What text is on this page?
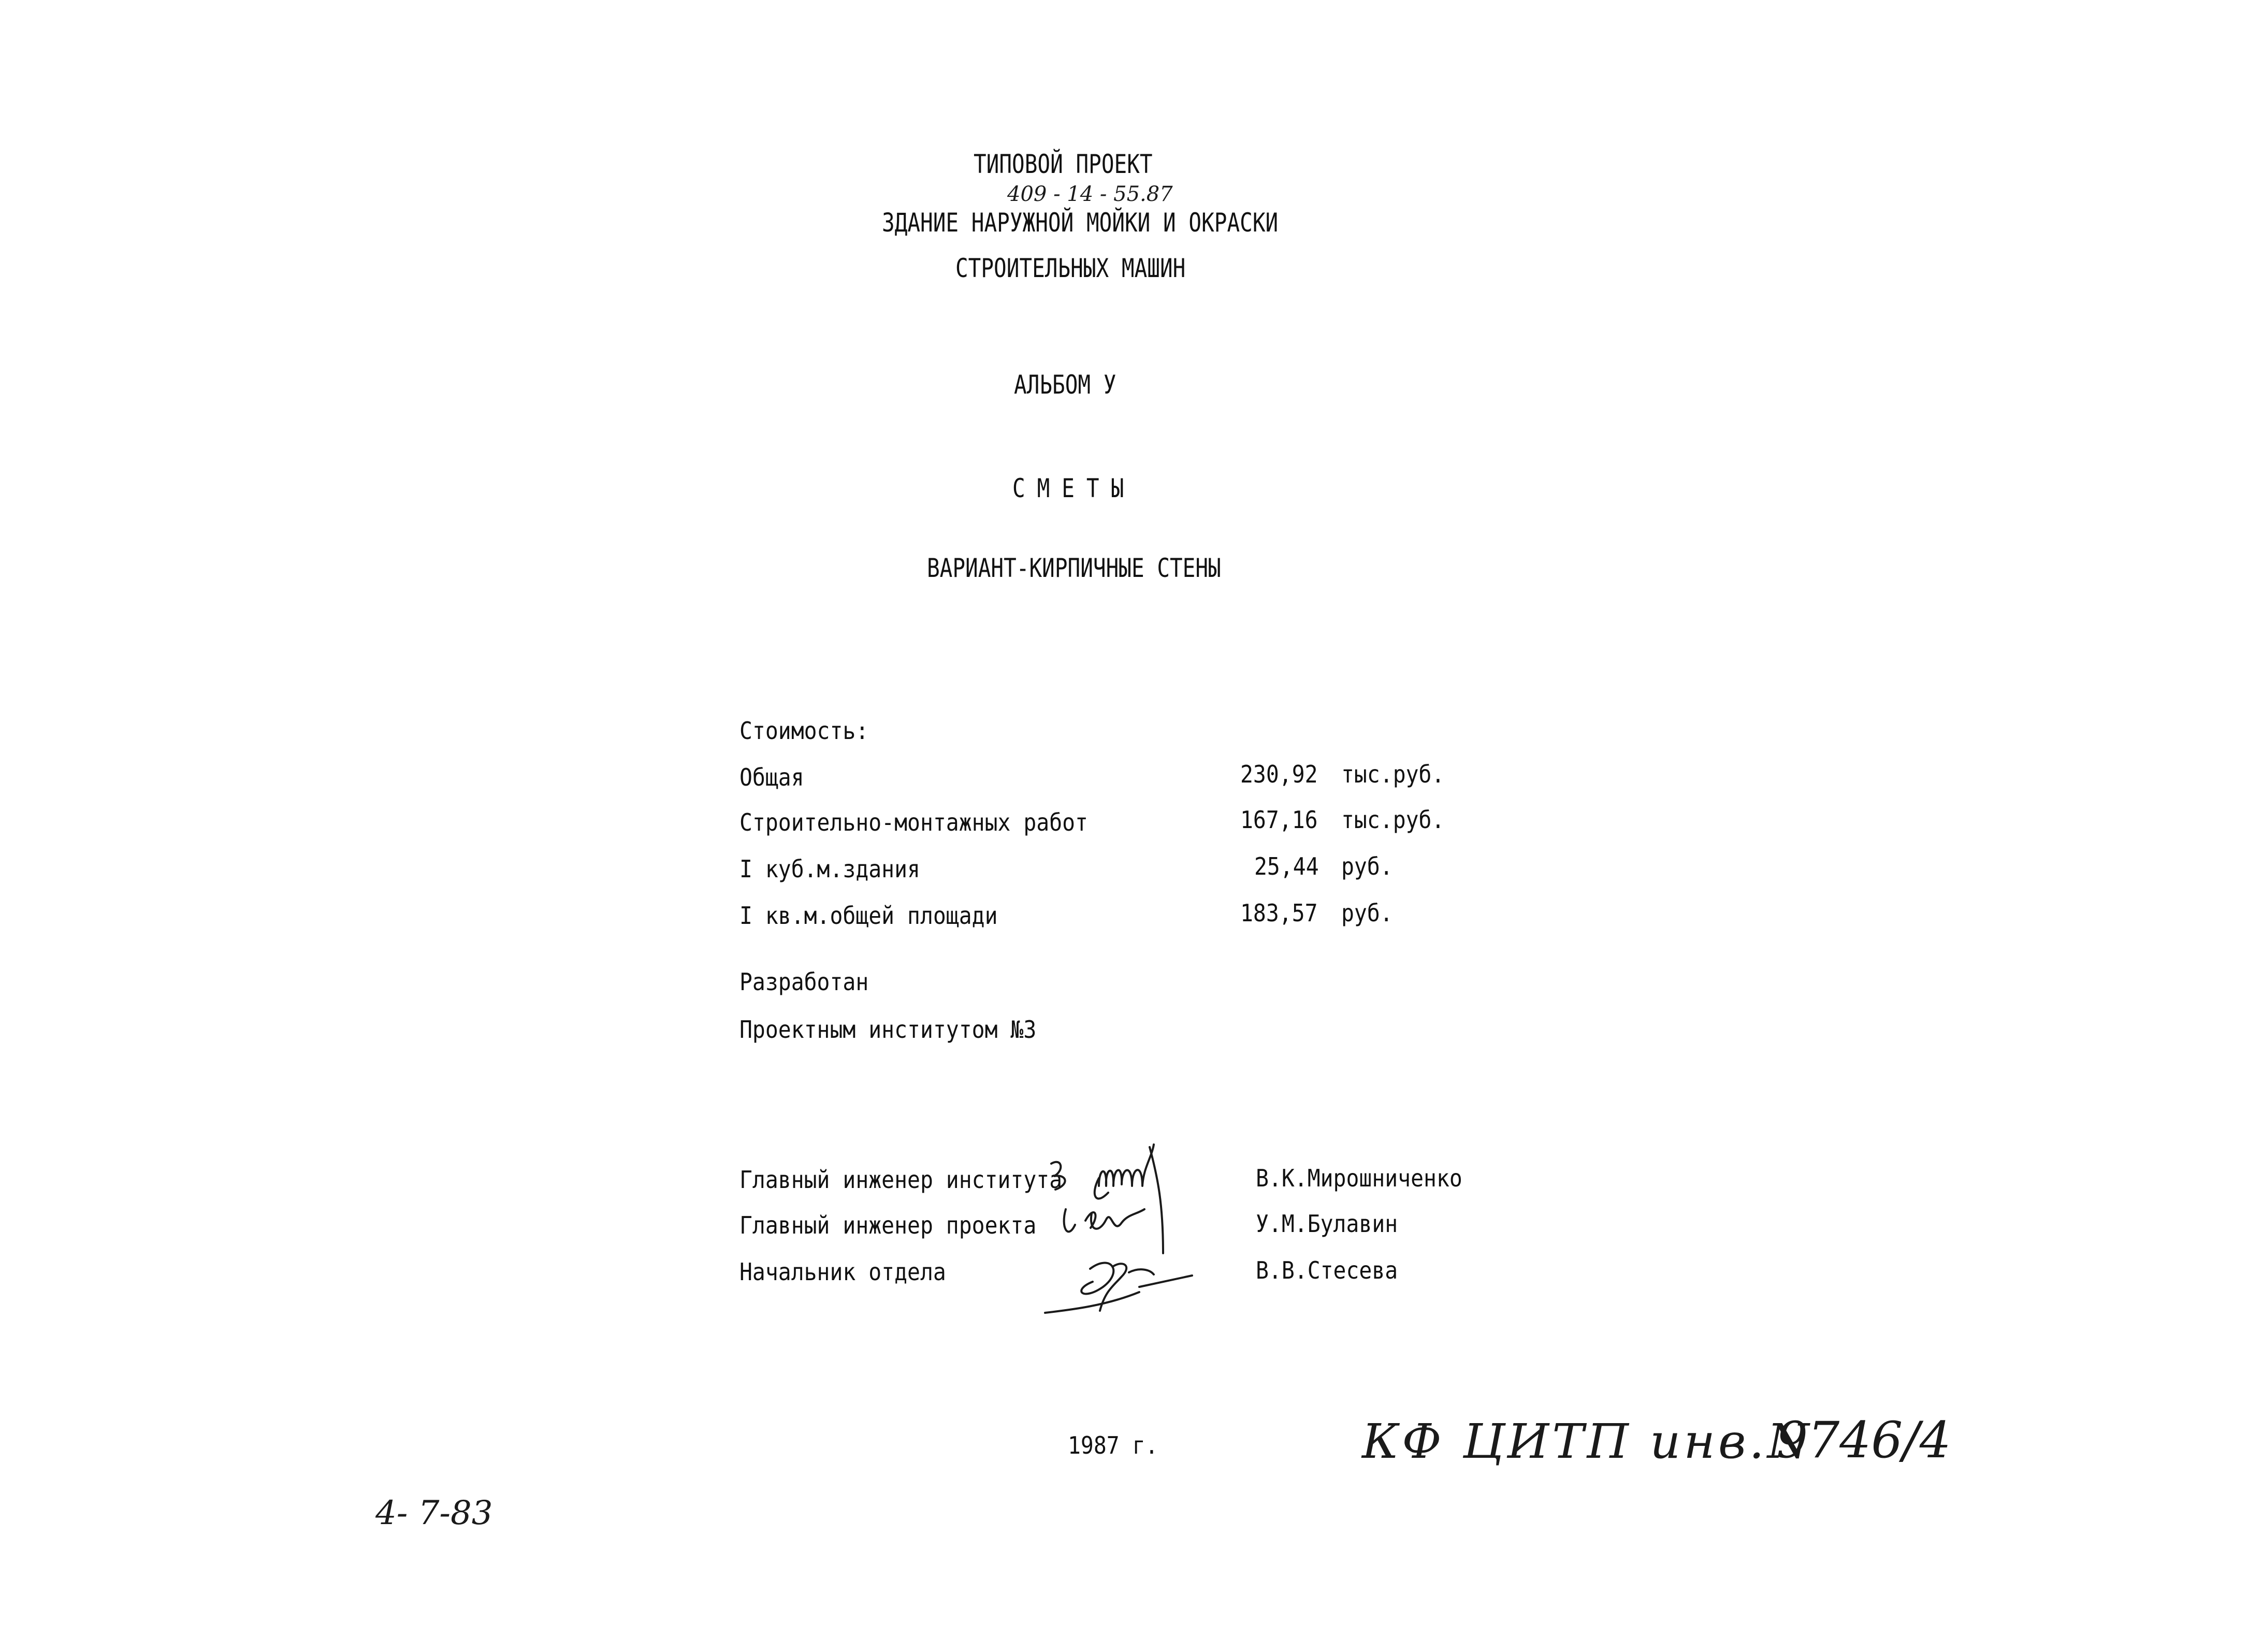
ТИПОВОЙ ПРОЕКТ
409 - 14 - 55.87
ЗДАНИЕ НАРУЖНОЙ МОЙКИ И ОКРАСКИ
СТРОИТЕЛЬНЫХ МАШИН
АЛЬБОМ У
СМЕТЫ
ВАРИАНТ-КИРПИЧНЫЕ СТЕНЫ
Стоимость:
Общая	230,92 тыс.руб.
Строительно-монтажных работ	167,16 тыс.руб.
I куб.м.здания	25,44 руб.
I кв.м.общей площади	183,57 руб.
Разработан
Проектным институтом №3
Главный инженер института	В.К.Мирошниченко
Главный инженер проекта	У.М.Булавин
Начальник отдела	В.В.Стесева
1987 г.	КФ ЦИТП инв.N
9746/4
4- 7-83
